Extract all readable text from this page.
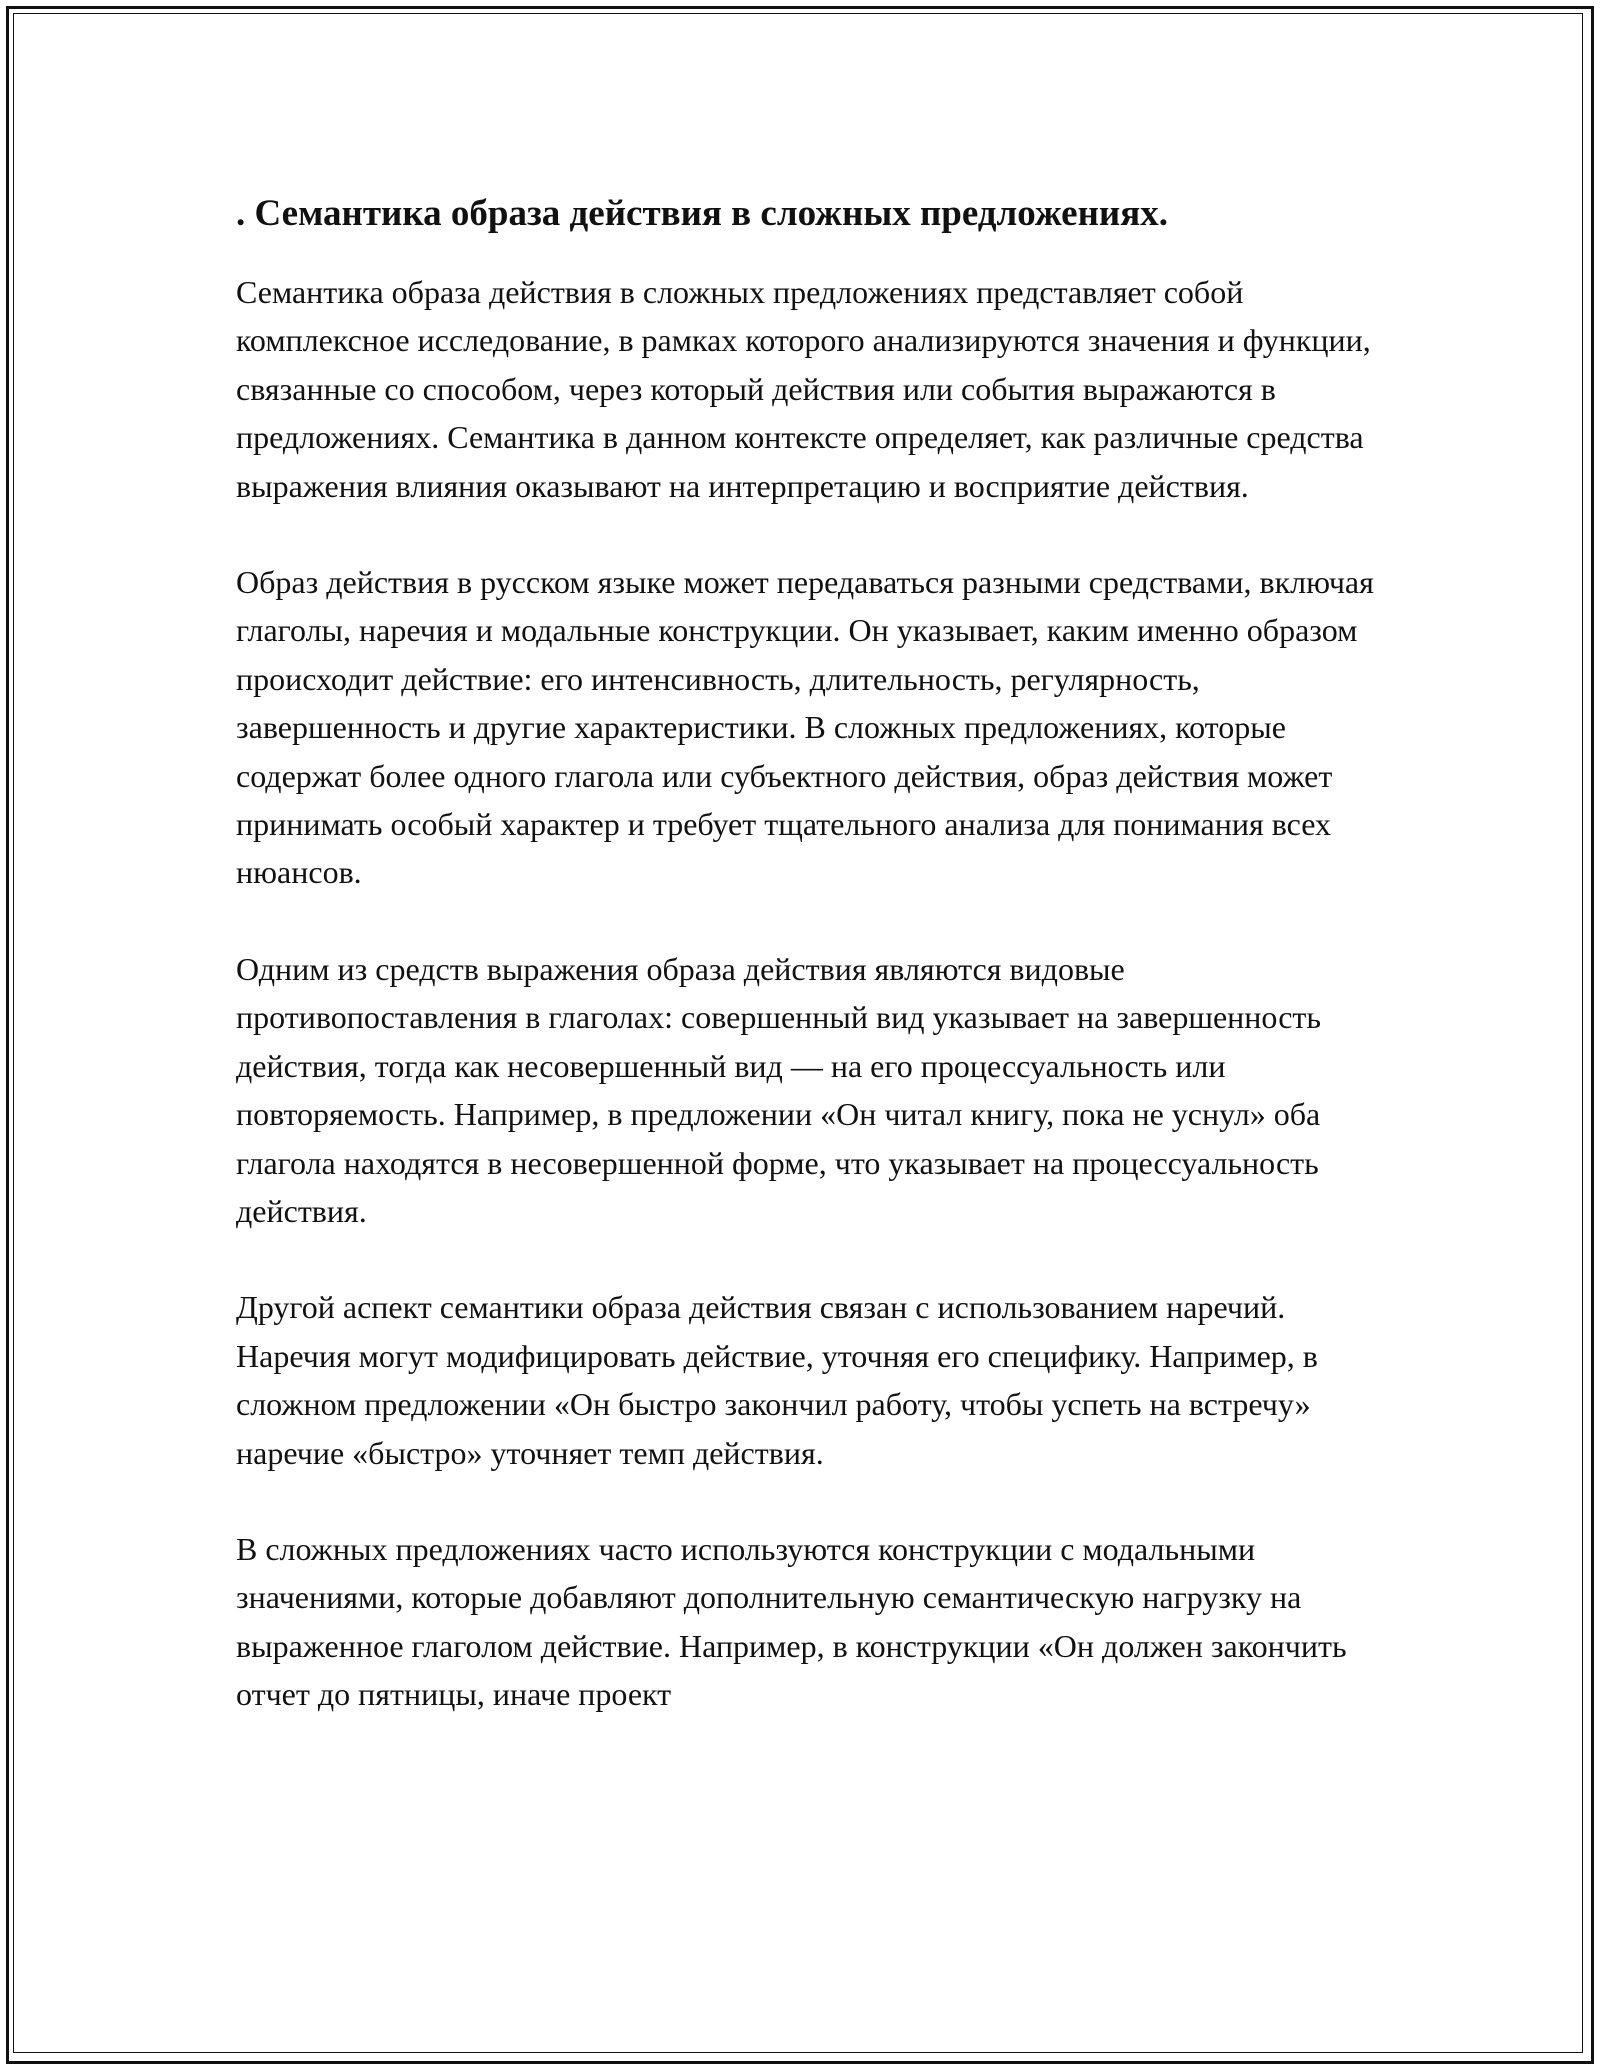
. Семантика образа действия в сложных предложениях.

Семантика образа действия в сложных предложениях представляет собой комплексное исследование, в рамках которого анализируются значения и функции, связанные со способом, через который действия или события выражаются в предложениях. Семантика в данном контексте определяет, как различные средства выражения влияния оказывают на интерпретацию и восприятие действия.

Образ действия в русском языке может передаваться разными средствами, включая глаголы, наречия и модальные конструкции. Он указывает, каким именно образом происходит действие: его интенсивность, длительность, регулярность, завершенность и другие характеристики. В сложных предложениях, которые содержат более одного глагола или субъектного действия, образ действия может принимать особый характер и требует тщательного анализа для понимания всех нюансов.

Одним из средств выражения образа действия являются видовые противопоставления в глаголах: совершенный вид указывает на завершенность действия, тогда как несовершенный вид — на его процессуальность или повторяемость. Например, в предложении «Он читал книгу, пока не уснул» оба глагола находятся в несовершенной форме, что указывает на процессуальность действия.

Другой аспект семантики образа действия связан с использованием наречий. Наречия могут модифицировать действие, уточняя его специфику. Например, в сложном предложении «Он быстро закончил работу, чтобы успеть на встречу» наречие «быстро» уточняет темп действия.

В сложных предложениях часто используются конструкции с модальными значениями, которые добавляют дополнительную семантическую нагрузку на выраженное глаголом действие. Например, в конструкции «Он должен закончить отчет до пятницы, иначе проект
